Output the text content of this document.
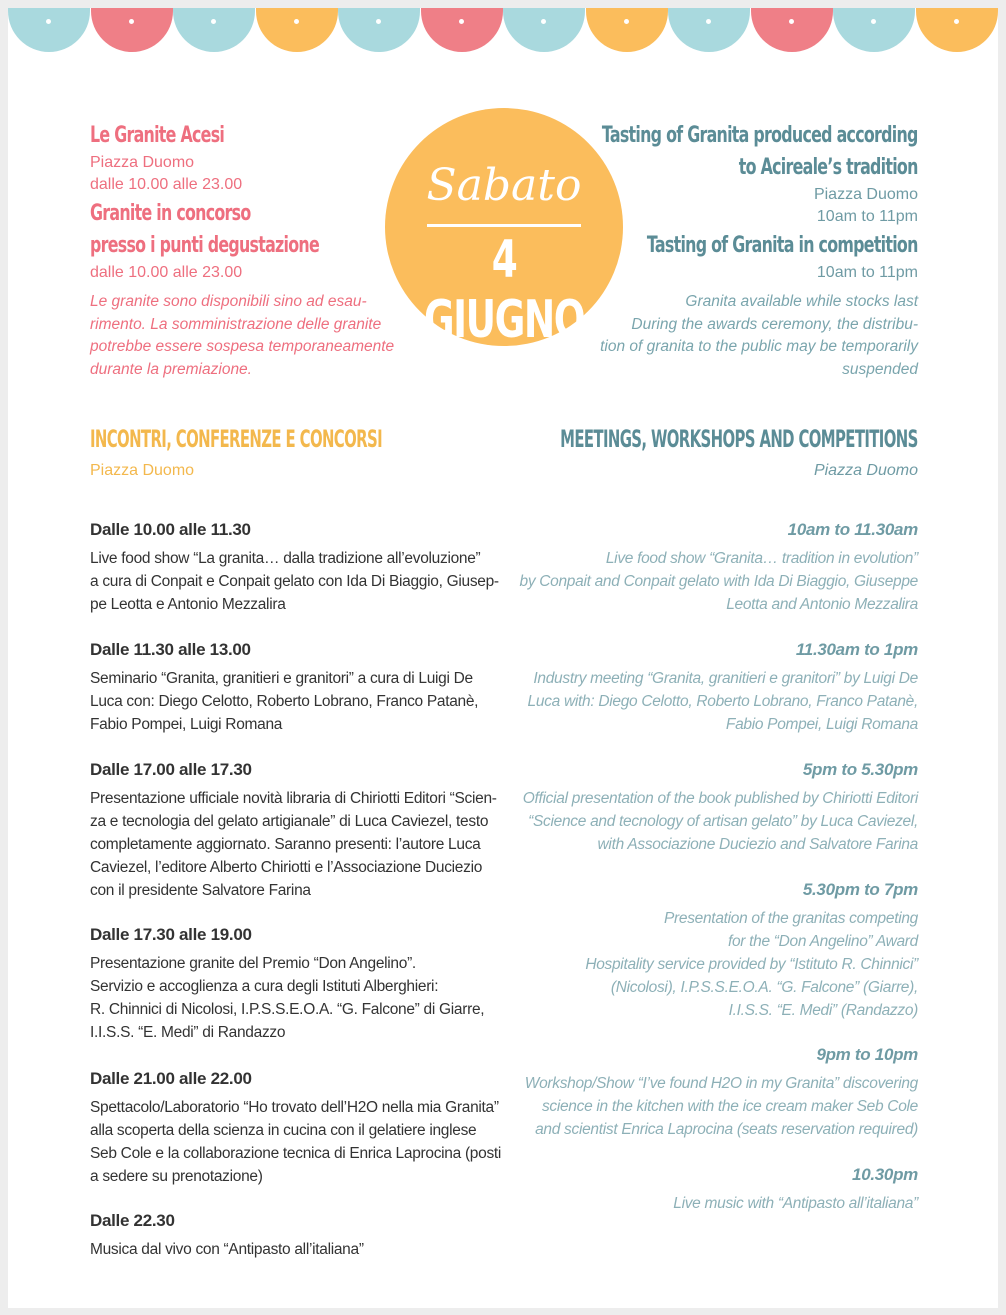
Le Granite Acesi
Piazza Duomo
dalle 10.00 alle 23.00
Granite in concorso
presso i punti degustazione
dalle 10.00 alle 23.00
Le granite sono disponibili sino ad esau-
rimento. La somministrazione delle granite
potrebbe essere sospesa temporaneamente
durante la premiazione.
Sabato
4 GIUGNO
Tasting of Granita produced according
to Acireale’s tradition
Piazza Duomo
10am to 11pm
Tasting of Granita in competition
10am to 11pm
Granita available while stocks last
During the awards ceremony, the distribu-
tion of granita to the public may be temporarily
suspended
INCONTRI, CONFERENZE E CONCORSI
Piazza Duomo
MEETINGS, WORKSHOPS AND COMPETITIONS
Piazza Duomo
Dalle 10.00 alle 11.30
Live food show “La granita… dalla tradizione all’evoluzione”
a cura di Conpait e Conpait gelato con Ida Di Biaggio, Giusep-
pe Leotta e Antonio Mezzalira
Dalle 11.30 alle 13.00
Seminario “Granita, granitieri e granitori” a cura di Luigi De
Luca con: Diego Celotto, Roberto Lobrano, Franco Patanè,
Fabio Pompei, Luigi Romana
Dalle 17.00 alle 17.30
Presentazione ufficiale novità libraria di Chiriotti Editori “Scien-
za e tecnologia del gelato artigianale” di Luca Caviezel, testo
completamente aggiornato. Saranno presenti: l’autore Luca
Caviezel, l’editore Alberto Chiriotti e l’Associazione Duciezio
con il presidente Salvatore Farina
Dalle 17.30 alle 19.00
Presentazione granite del Premio “Don Angelino”.
Servizio e accoglienza a cura degli Istituti Alberghieri:
R. Chinnici di Nicolosi, I.P.S.S.E.O.A. “G. Falcone” di Giarre,
I.I.S.S. “E. Medi” di Randazzo
Dalle 21.00 alle 22.00
Spettacolo/Laboratorio “Ho trovato dell’H2O nella mia Granita”
alla scoperta della scienza in cucina con il gelatiere inglese
Seb Cole e la collaborazione tecnica di Enrica Laprocina (posti
a sedere su prenotazione)
Dalle 22.30
Musica dal vivo con “Antipasto all’italiana”
10am to 11.30am
Live food show “Granita… tradition in evolution”
by Conpait and Conpait gelato with Ida Di Biaggio, Giuseppe
Leotta and Antonio Mezzalira
11.30am to 1pm
Industry meeting “Granita, granitieri e granitori” by Luigi De
Luca with: Diego Celotto, Roberto Lobrano, Franco Patanè,
Fabio Pompei, Luigi Romana
5pm to 5.30pm
Official presentation of the book published by Chiriotti Editori
“Science and tecnology of artisan gelato” by Luca Caviezel,
with Associazione Duciezio and Salvatore Farina
5.30pm to 7pm
Presentation of the granitas competing
for the “Don Angelino” Award
Hospitality service provided by “Istituto R. Chinnici”
(Nicolosi), I.P.S.S.E.O.A. “G. Falcone” (Giarre),
I.I.S.S. “E. Medi” (Randazzo)
9pm to 10pm
Workshop/Show “I’ve found H2O in my Granita” discovering
science in the kitchen with the ice cream maker Seb Cole
and scientist Enrica Laprocina (seats reservation required)
10.30pm
Live music with “Antipasto all’italiana”
